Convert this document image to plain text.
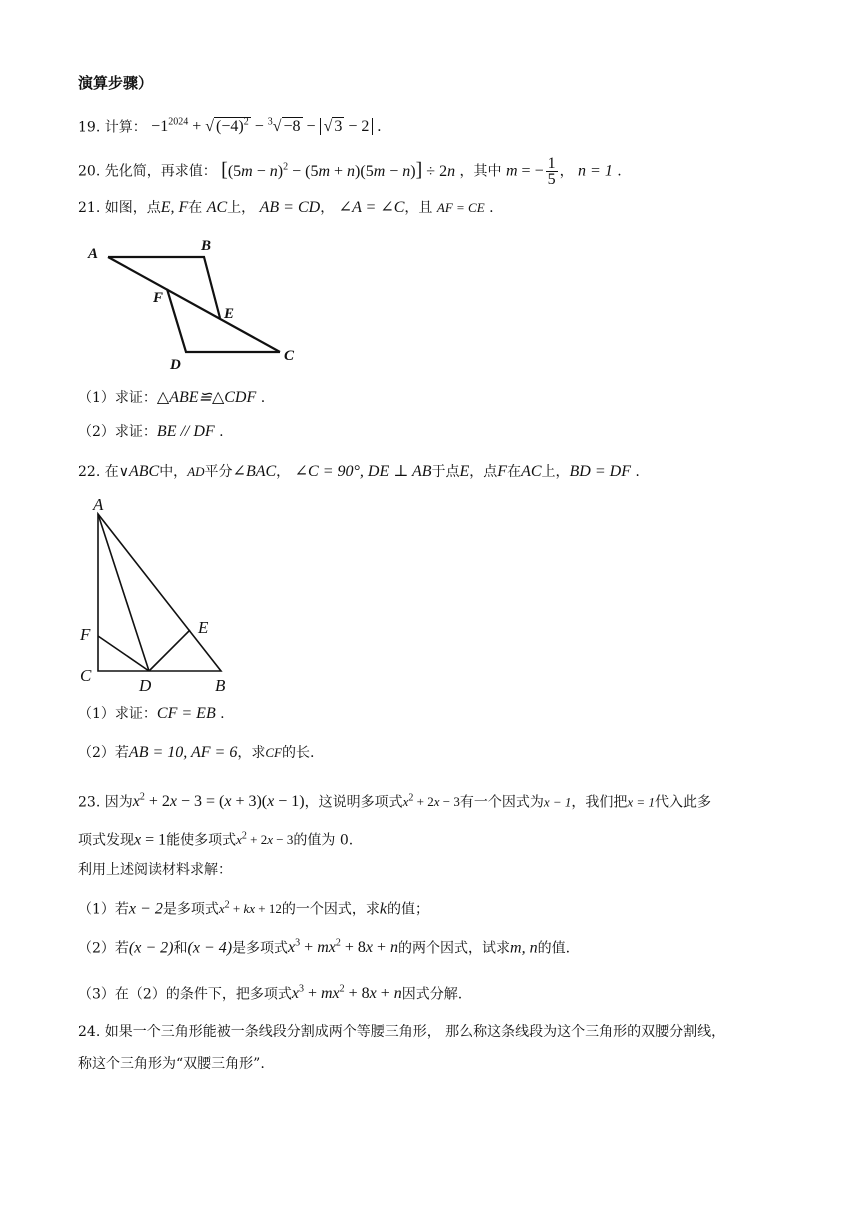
演算步骤）
19. 计算： $-1^{2024}$ + √ $(-4)^2 - ^3√ -8$ − √ 3 − 2 .
20. 先化简，再求值： $[(5m - n)^2 - (5m + n)(5m - n)] \div 2n$ ，其中 m = − $\frac{1}{5}$ ， n = 1 .
21. 如图，点E, F在 AC上， AB = CD， ∠A = ∠C，且 AF = CE .
A	B
F
E
D
C
（1）求证：△ABE≌△CDF .
（2）求证：BE // DF .
22. 在∨ABC中，AD平分∠BAC， ∠C = 90°, DE ⊥ AB于点E，点F在AC上，BD = DF .
A
F
C
D
E
B
（1）求证：CF = EB .
（2）若AB = 10, AF = 6，求CF的长.
23. 因为$x^2 + 2x - 3 = (x + 3)(x - 1)$，这说明多项式$x^2 + 2x - 3$有一个因式为x − 1，我们把x = 1代入此多
项式发现x = 1能使多项式$x^2 + 2x - 3$的值为 0.
利用上述阅读材料求解：
（1）若x − 2是多项式$x^2$ + kx + 12的一个因式，求k的值；
（2）若(x − 2)和(x − 4)是多项式$x^3 + mx^2 + 8x + n$的两个因式，试求m, n的值.
（3）在（2）的条件下，把多项式$x^3 + mx^2 + 8x + n$因式分解.
24. 如果一个三角形能被一条线段分割成两个等腰三角形， 那么称这条线段为这个三角形的双腰分割线，
称这个三角形为“双腰三角形”.
